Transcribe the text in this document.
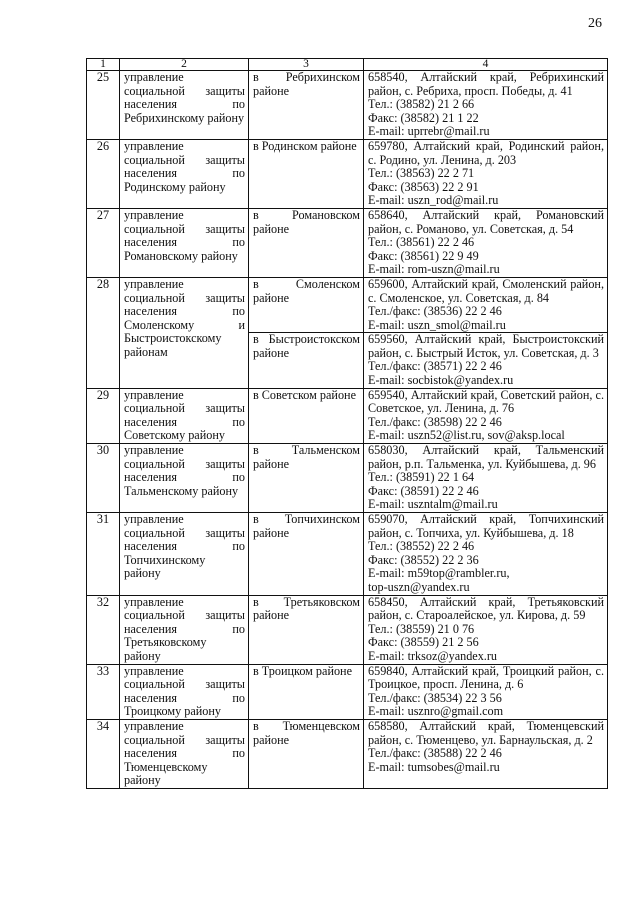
26
1	2	3	4
25	управление социальной защиты населения по Ребрихинскому району	в Ребрихинском районе	658540, Алтайский край, Ребрихинский район, с. Ребриха, просп. Победы, д. 41
Тел.: (38582) 21 2 66
Факс: (38582) 21 1 22
E-mail: uprrebr@mail.ru

26	управление социальной защиты населения по Родинскому району	в Родинском районе	659780, Алтайский край, Родинский район, с. Родино, ул. Ленина, д. 203
Тел.: (38563) 22 2 71
Факс: (38563) 22 2 91
E-mail: uszn_rod@mail.ru

27	управление социальной защиты населения по Романовскому району	в Романовском районе	658640, Алтайский край, Романовский район, с. Романово, ул. Советская, д. 54
Тел.: (38561) 22 2 46
Факс: (38561) 22 9 49
E-mail: rom-uszn@mail.ru

28	управление социальной защиты населения по Смоленскому и Быстроистокскому районам	в Смоленском районе	659600, Алтайский край, Смоленский район, с. Смоленское, ул. Советская, д. 84
Тел./факс: (38536) 22 2 46
E-mail: uszn_smol@mail.ru

		в Быстроистокском районе	659560, Алтайский край, Быстроистокский район, с. Быстрый Исток, ул. Советская, д. 3
Тел./факс: (38571) 22 2 46
E-mail: socbistok@yandex.ru

29	управление социальной защиты населения по Советскому району	в Советском районе	659540, Алтайский край, Советский район, с. Советское, ул. Ленина, д. 76
Тел./факс: (38598) 22 2 46
E-mail: uszn52@list.ru, sov@aksp.local

30	управление социальной защиты населения по Тальменскому району	в Тальменском районе	658030, Алтайский край, Тальменский район, р.п. Тальменка, ул. Куйбышева, д. 96
Тел.: (38591) 22 1 64
Факс: (38591) 22 2 46
E-mail: uszntalm@mail.ru

31	управление социальной защиты населения по Топчихинскому району	в Топчихинском районе	659070, Алтайский край, Топчихинский район, с. Топчиха, ул. Куйбышева, д. 18
Тел.: (38552) 22 2 46
Факс: (38552) 22 2 36
E-mail: m59top@rambler.ru,
top-uszn@yandex.ru

32	управление социальной защиты населения по Третьяковскому району	в Третьяковском районе	658450, Алтайский край, Третьяковский район, с. Староалейское, ул. Кирова, д. 59
Тел.: (38559) 21 0 76
Факс: (38559) 21 2 56
E-mail: trksoz@yandex.ru

33	управление социальной защиты населения по Троицкому району	в Троицком районе	659840, Алтайский край, Троицкий район, с. Троицкое, просп. Ленина, д. 6
Тел./факс: (38534) 22 3 56
E-mail: usznro@gmail.com

34	управление социальной защиты населения по Тюменцевскому району	в Тюменцевском районе	658580, Алтайский край, Тюменцевский район, с. Тюменцево, ул. Барнаульская, д. 2
Тел./факс: (38588) 22 2 46
E-mail: tumsobes@mail.ru
